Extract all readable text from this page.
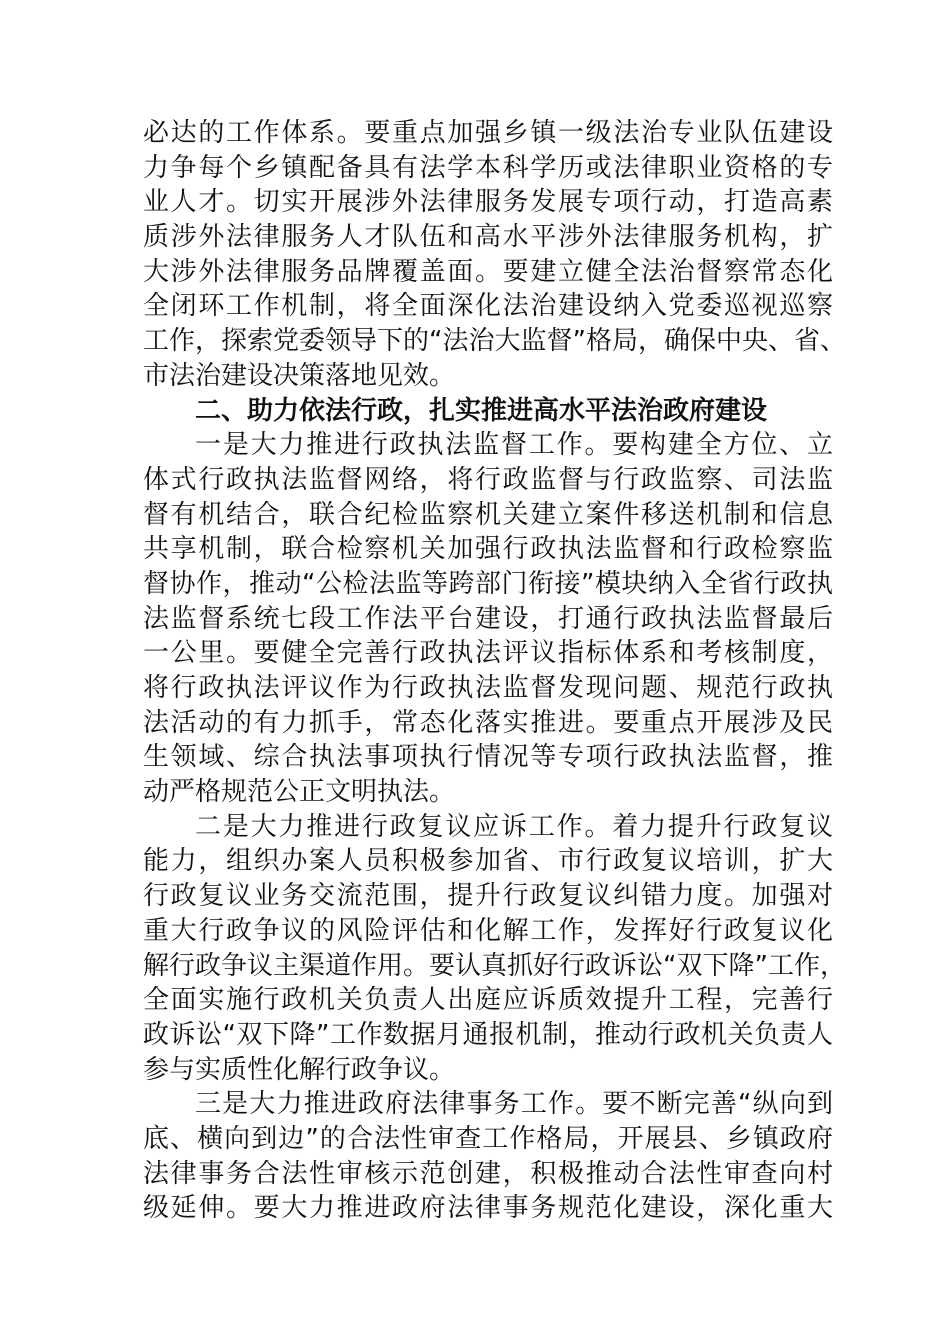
必达的工作体系。要重点加强乡镇一级法治专业队伍建设
力争每个乡镇配备具有法学本科学历或法律职业资格的专
业人才。切实开展涉外法律服务发展专项行动，打造高素
质涉外法律服务人才队伍和高水平涉外法律服务机构，扩
大涉外法律服务品牌覆盖面。要建立健全法治督察常态化
全闭环工作机制，将全面深化法治建设纳入党委巡视巡察
工作，探索党委领导下的“法治大监督”格局，确保中央、省、
市法治建设决策落地见效。
二、助力依法行政，扎实推进高水平法治政府建设
一是大力推进行政执法监督工作。要构建全方位、立
体式行政执法监督网络，将行政监督与行政监察、司法监
督有机结合，联合纪检监察机关建立案件移送机制和信息
共享机制，联合检察机关加强行政执法监督和行政检察监
督协作，推动“公检法监等跨部门衔接”模块纳入全省行政执
法监督系统七段工作法平台建设，打通行政执法监督最后
一公里。要健全完善行政执法评议指标体系和考核制度，
将行政执法评议作为行政执法监督发现问题、规范行政执
法活动的有力抓手，常态化落实推进。要重点开展涉及民
生领域、综合执法事项执行情况等专项行政执法监督，推
动严格规范公正文明执法。
二是大力推进行政复议应诉工作。着力提升行政复议
能力，组织办案人员积极参加省、市行政复议培训，扩大
行政复议业务交流范围，提升行政复议纠错力度。加强对
重大行政争议的风险评估和化解工作，发挥好行政复议化
解行政争议主渠道作用。要认真抓好行政诉讼“双下降”工作，
全面实施行政机关负责人出庭应诉质效提升工程，完善行
政诉讼“双下降”工作数据月通报机制，推动行政机关负责人
参与实质性化解行政争议。
三是大力推进政府法律事务工作。要不断完善“纵向到
底、横向到边”的合法性审查工作格局，开展县、乡镇政府
法律事务合法性审核示范创建，积极推动合法性审查向村
级延伸。要大力推进政府法律事务规范化建设，深化重大
